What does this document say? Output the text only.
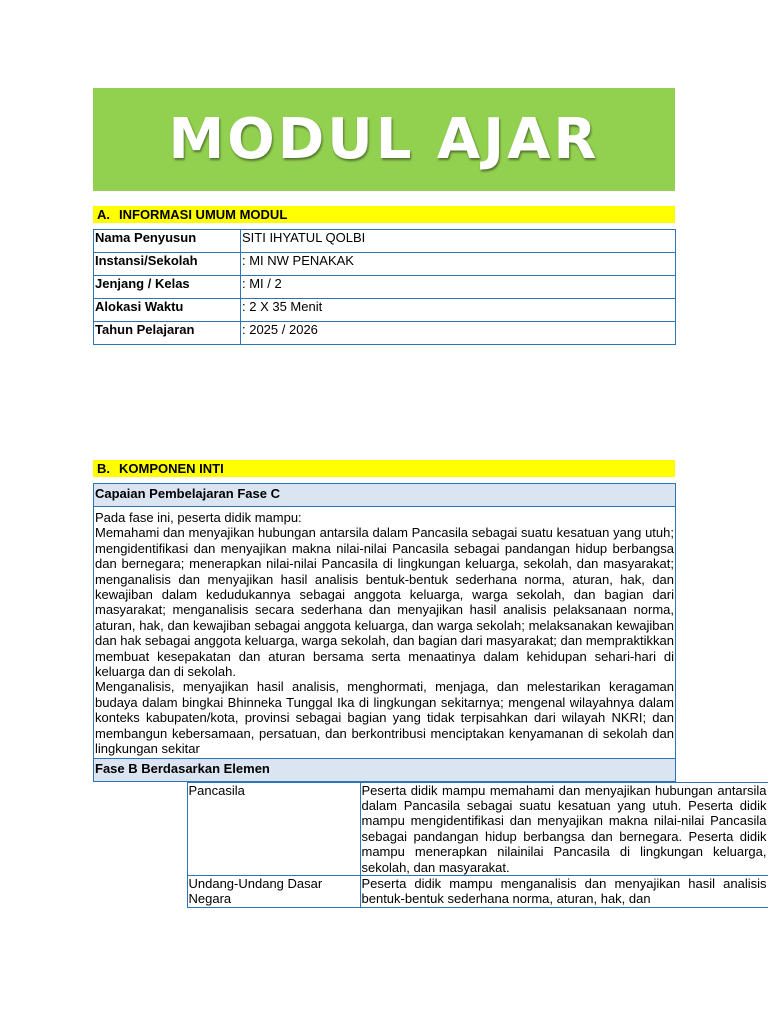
MODUL AJAR
A. INFORMASI UMUM MODUL
Nama Penyusun	SITI IHYATUL QOLBI
Instansi/Sekolah	: MI NW PENAKAK
Jenjang / Kelas	: MI / 2
Alokasi Waktu	: 2 X 35 Menit
Tahun Pelajaran	: 2025 / 2026
B. KOMPONEN INTI
Capaian Pembelajaran Fase C

Pada fase ini, peserta didik mampu:

Memahami dan menyajikan hubungan antarsila dalam Pancasila sebagai suatu kesatuan yang utuh; mengidentifikasi dan menyajikan makna nilai-nilai Pancasila sebagai pandangan hidup berbangsa dan bernegara; menerapkan nilai-nilai Pancasila di lingkungan keluarga, sekolah, dan masyarakat; menganalisis dan menyajikan hasil analisis bentuk-bentuk sederhana norma, aturan, hak, dan kewajiban dalam kedudukannya sebagai anggota keluarga, warga sekolah, dan bagian dari masyarakat; menganalisis secara sederhana dan menyajikan hasil analisis pelaksanaan norma, aturan, hak, dan kewajiban sebagai anggota keluarga, dan warga sekolah; melaksanakan kewajiban dan hak sebagai anggota keluarga, warga sekolah, dan bagian dari masyarakat; dan mempraktikkan membuat kesepakatan dan aturan bersama serta menaatinya dalam kehidupan sehari-hari di keluarga dan di sekolah.

Menganalisis, menyajikan hasil analisis, menghormati, menjaga, dan melestarikan keragaman budaya dalam bingkai Bhinneka Tunggal Ika di lingkungan sekitarnya; mengenal wilayahnya dalam konteks kabupaten/kota, provinsi sebagai bagian yang tidak terpisahkan dari wilayah NKRI; dan membangun kebersamaan, persatuan, dan berkontribusi menciptakan kenyamanan di sekolah dan lingkungan sekitar

Fase B Berdasarkan Elemen

Pancasila	Peserta didik mampu memahami dan menyajikan hubungan antarsila dalam Pancasila sebagai suatu kesatuan yang utuh. Peserta didik mampu mengidentifikasi dan menyajikan makna nilai-nilai Pancasila sebagai pandangan hidup berbangsa dan bernegara. Peserta didik mampu menerapkan nilainilai Pancasila di lingkungan keluarga, sekolah, dan masyarakat.
Undang-Undang Dasar Negara	Peserta didik mampu menganalisis dan menyajikan hasil analisis bentuk-bentuk sederhana norma, aturan, hak, dan
